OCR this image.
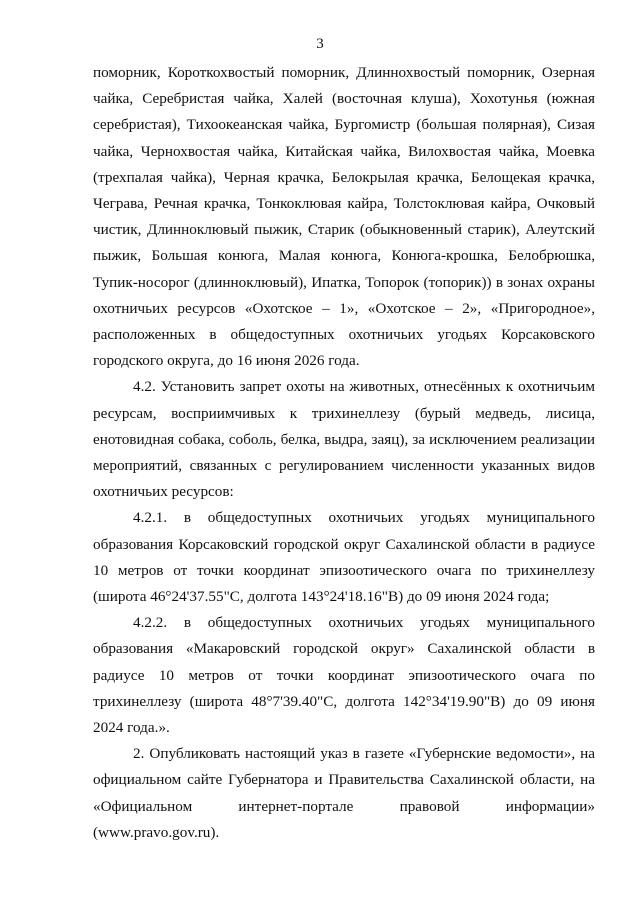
3

поморник, Короткохвостый поморник, Длиннохвостый поморник, Озерная чайка, Серебристая чайка, Халей (восточная клуша), Хохотунья (южная серебристая), Тихоокеанская чайка, Бургомистр (большая полярная), Сизая чайка, Чернохвостая чайка, Китайская чайка, Вилохвостая чайка, Моевка (трехпалая чайка), Черная крачка, Белокрылая крачка, Белощекая крачка, Чеграва, Речная крачка, Тонкоклювая кайра, Толстоклювая кайра, Очковый чистик, Длинноклювый пыжик, Старик (обыкновенный старик), Алеутский пыжик, Большая конюга, Малая конюга, Конюга-крошка, Белобрюшка, Тупик-носорог (длинноклювый), Ипатка, Топорок (топорик)) в зонах охраны охотничьих ресурсов «Охотское – 1», «Охотское – 2», «Пригородное», расположенных в общедоступных охотничьих угодьях Корсаковского городского округа, до 16 июня 2026 года.

4.2. Установить запрет охоты на животных, отнесённых к охотничьим ресурсам, восприимчивых к трихинеллезу (бурый медведь, лисица, енотовидная собака, соболь, белка, выдра, заяц), за исключением реализации мероприятий, связанных с регулированием численности указанных видов охотничьих ресурсов:

4.2.1. в общедоступных охотничьих угодьях муниципального образования Корсаковский городской округ Сахалинской области в радиусе 10 метров от точки координат эпизоотического очага по трихинеллезу (широта 46°24'37.55"С, долгота 143°24'18.16"В) до 09 июня 2024 года;

4.2.2. в общедоступных охотничьих угодьях муниципального образования «Макаровский городской округ» Сахалинской области в радиусе 10 метров от точки координат эпизоотического очага по трихинеллезу (широта 48°7'39.40"С, долгота 142°34'19.90"В) до 09 июня 2024 года.».

2. Опубликовать настоящий указ в газете «Губернские ведомости», на официальном сайте Губернатора и Правительства Сахалинской области, на «Официальном интернет-портале правовой информации» (www.pravo.gov.ru).
